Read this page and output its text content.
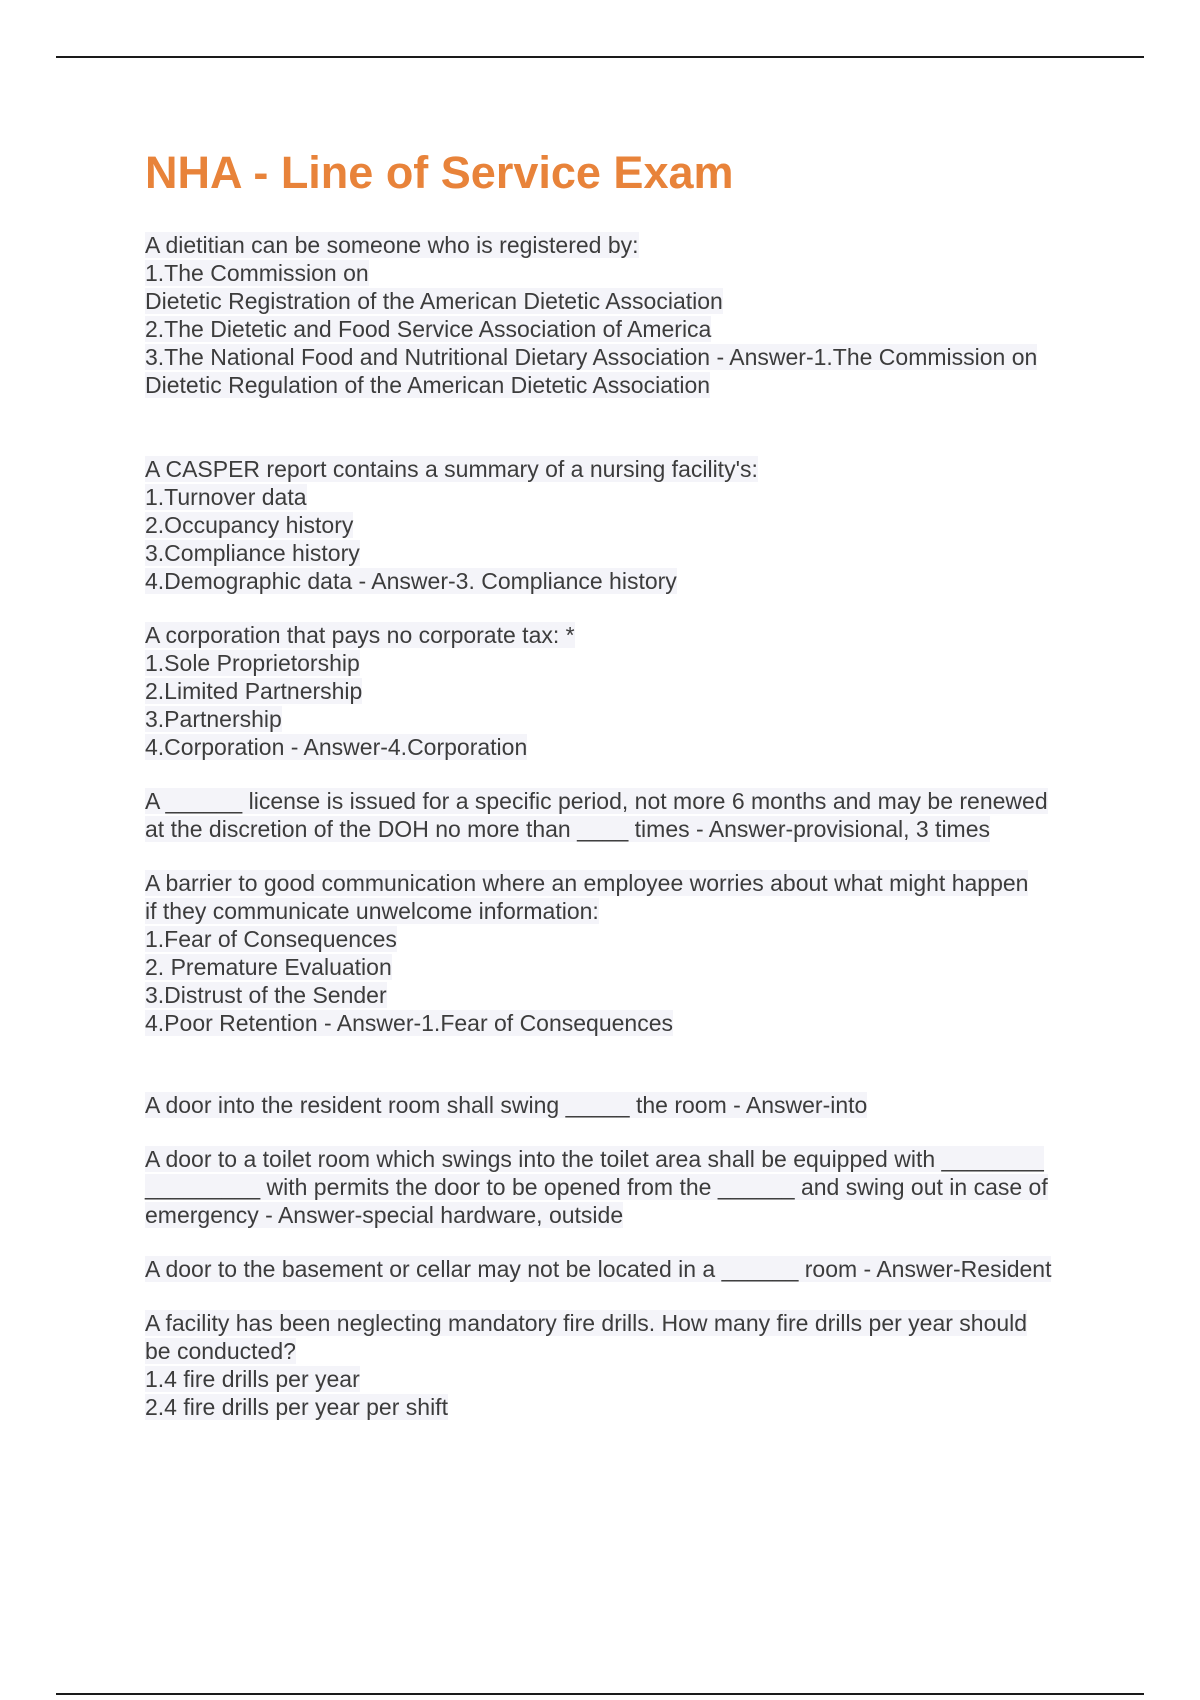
NHA - Line of Service Exam
A dietitian can be someone who is registered by:
1.The Commission on
Dietetic Registration of the American Dietetic Association
2.The Dietetic and Food Service Association of America
3.The National Food and Nutritional Dietary Association - Answer-1.The Commission on
Dietetic Regulation of the American Dietetic Association
A CASPER report contains a summary of a nursing facility's:
1.Turnover data
2.Occupancy history
3.Compliance history
4.Demographic data - Answer-3. Compliance history
A corporation that pays no corporate tax: *
1.Sole Proprietorship
2.Limited Partnership
3.Partnership
4.Corporation - Answer-4.Corporation
A ______ license is issued for a specific period, not more 6 months and may be renewed
at the discretion of the DOH no more than ____ times - Answer-provisional, 3 times
A barrier to good communication where an employee worries about what might happen
if they communicate unwelcome information:
1.Fear of Consequences
2. Premature Evaluation
3.Distrust of the Sender
4.Poor Retention - Answer-1.Fear of Consequences
A door into the resident room shall swing _____ the room - Answer-into
A door to a toilet room which swings into the toilet area shall be equipped with ________
_________ with permits the door to be opened from the ______ and swing out in case of
emergency - Answer-special hardware, outside
A door to the basement or cellar may not be located in a ______ room - Answer-Resident
A facility has been neglecting mandatory fire drills. How many fire drills per year should
be conducted?
1.4 fire drills per year
2.4 fire drills per year per shift
